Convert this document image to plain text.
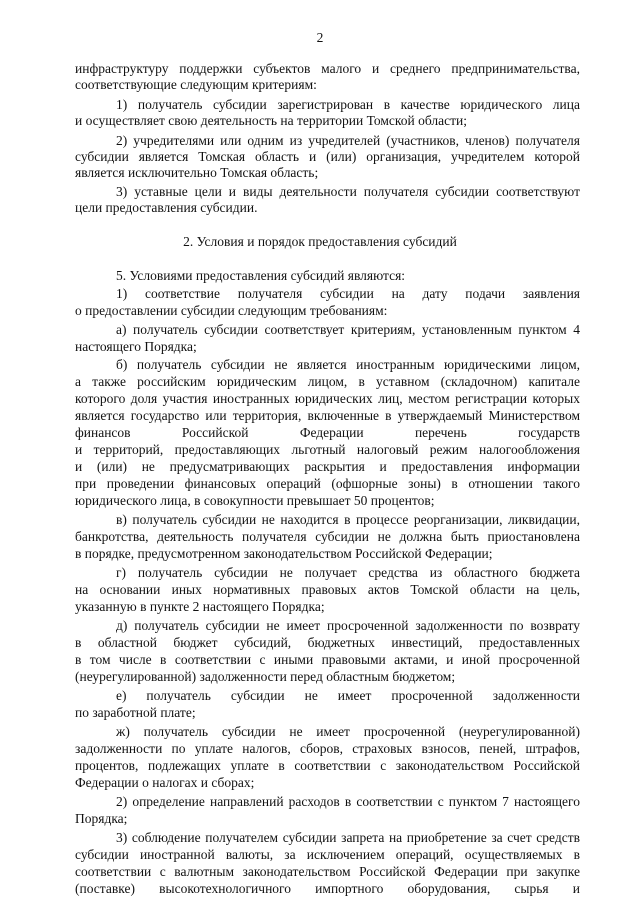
2
инфраструктуру поддержки субъектов малого и среднего предпринимательства,
соответствующие следующим критериям:
1) получатель субсидии зарегистрирован в качестве юридического лица
и осуществляет свою деятельность на территории Томской области;
2) учредителями или одним из учредителей (участников, членов) получателя
субсидии является Томская область и (или) организация, учредителем которой
является исключительно Томская область;
3) уставные цели и виды деятельности получателя субсидии соответствуют
цели предоставления субсидии.
2. Условия и порядок предоставления субсидий
5. Условиями предоставления субсидий являются:
1) соответствие получателя субсидии на дату подачи заявления
о предоставлении субсидии следующим требованиям:
а) получатель субсидии соответствует критериям, установленным пунктом 4
настоящего Порядка;
б) получатель субсидии не является иностранным юридическими лицом,
а также российским юридическим лицом, в уставном (складочном) капитале
которого доля участия иностранных юридических лиц, местом регистрации которых
является государство или территория, включенные в утверждаемый Министерством
финансов Российской Федерации перечень государств
и территорий, предоставляющих льготный налоговый режим налогообложения
и (или) не предусматривающих раскрытия и предоставления информации
при проведении финансовых операций (офшорные зоны) в отношении такого
юридического лица, в совокупности превышает 50 процентов;
в) получатель субсидии не находится в процессе реорганизации, ликвидации,
банкротства, деятельность получателя субсидии не должна быть приостановлена
в порядке, предусмотренном законодательством Российской Федерации;
г) получатель субсидии не получает средства из областного бюджета
на основании иных нормативных правовых актов Томской области на цель,
указанную в пункте 2 настоящего Порядка;
д) получатель субсидии не имеет просроченной задолженности по возврату
в областной бюджет субсидий, бюджетных инвестиций, предоставленных
в том числе в соответствии с иными правовыми актами, и иной просроченной
(неурегулированной) задолженности перед областным бюджетом;
е) получатель субсидии не имеет просроченной задолженности
по заработной плате;
ж) получатель субсидии не имеет просроченной (неурегулированной)
задолженности по уплате налогов, сборов, страховых взносов, пеней, штрафов,
процентов, подлежащих уплате в соответствии с законодательством Российской
Федерации о налогах и сборах;
2) определение направлений расходов в соответствии с пунктом 7 настоящего
Порядка;
3) соблюдение получателем субсидии запрета на приобретение за счет средств
субсидии иностранной валюты, за исключением операций, осуществляемых в
соответствии с валютным законодательством Российской Федерации при закупке
(поставке) высокотехнологичного импортного оборудования, сырья и
